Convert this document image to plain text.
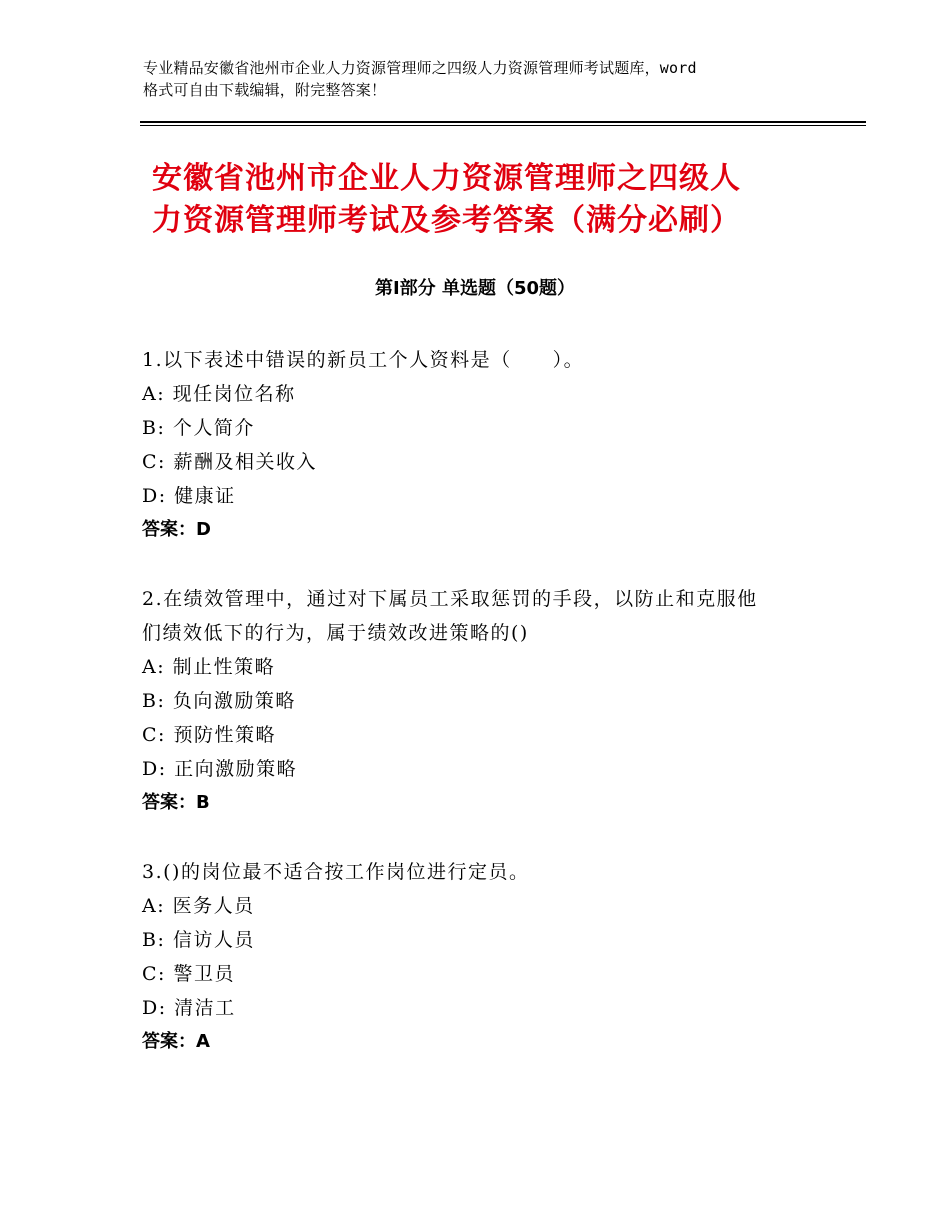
专业精品安徽省池州市企业人力资源管理师之四级人力资源管理师考试题库，word
格式可自由下载编辑，附完整答案！
安徽省池州市企业人力资源管理师之四级人
力资源管理师考试及参考答案（满分必刷）
第Ⅰ部分 单选题（50题）
1.以下表述中错误的新员工个人资料是（　　）。
A: 现任岗位名称
B: 个人简介
C: 薪酬及相关收入
D: 健康证
答案：D
2.在绩效管理中，通过对下属员工采取惩罚的手段，以防止和克服他
们绩效低下的行为，属于绩效改进策略的()
A: 制止性策略
B: 负向激励策略
C: 预防性策略
D: 正向激励策略
答案：B
3.()的岗位最不适合按工作岗位进行定员。
A: 医务人员
B: 信访人员
C: 警卫员
D: 清洁工
答案：A
